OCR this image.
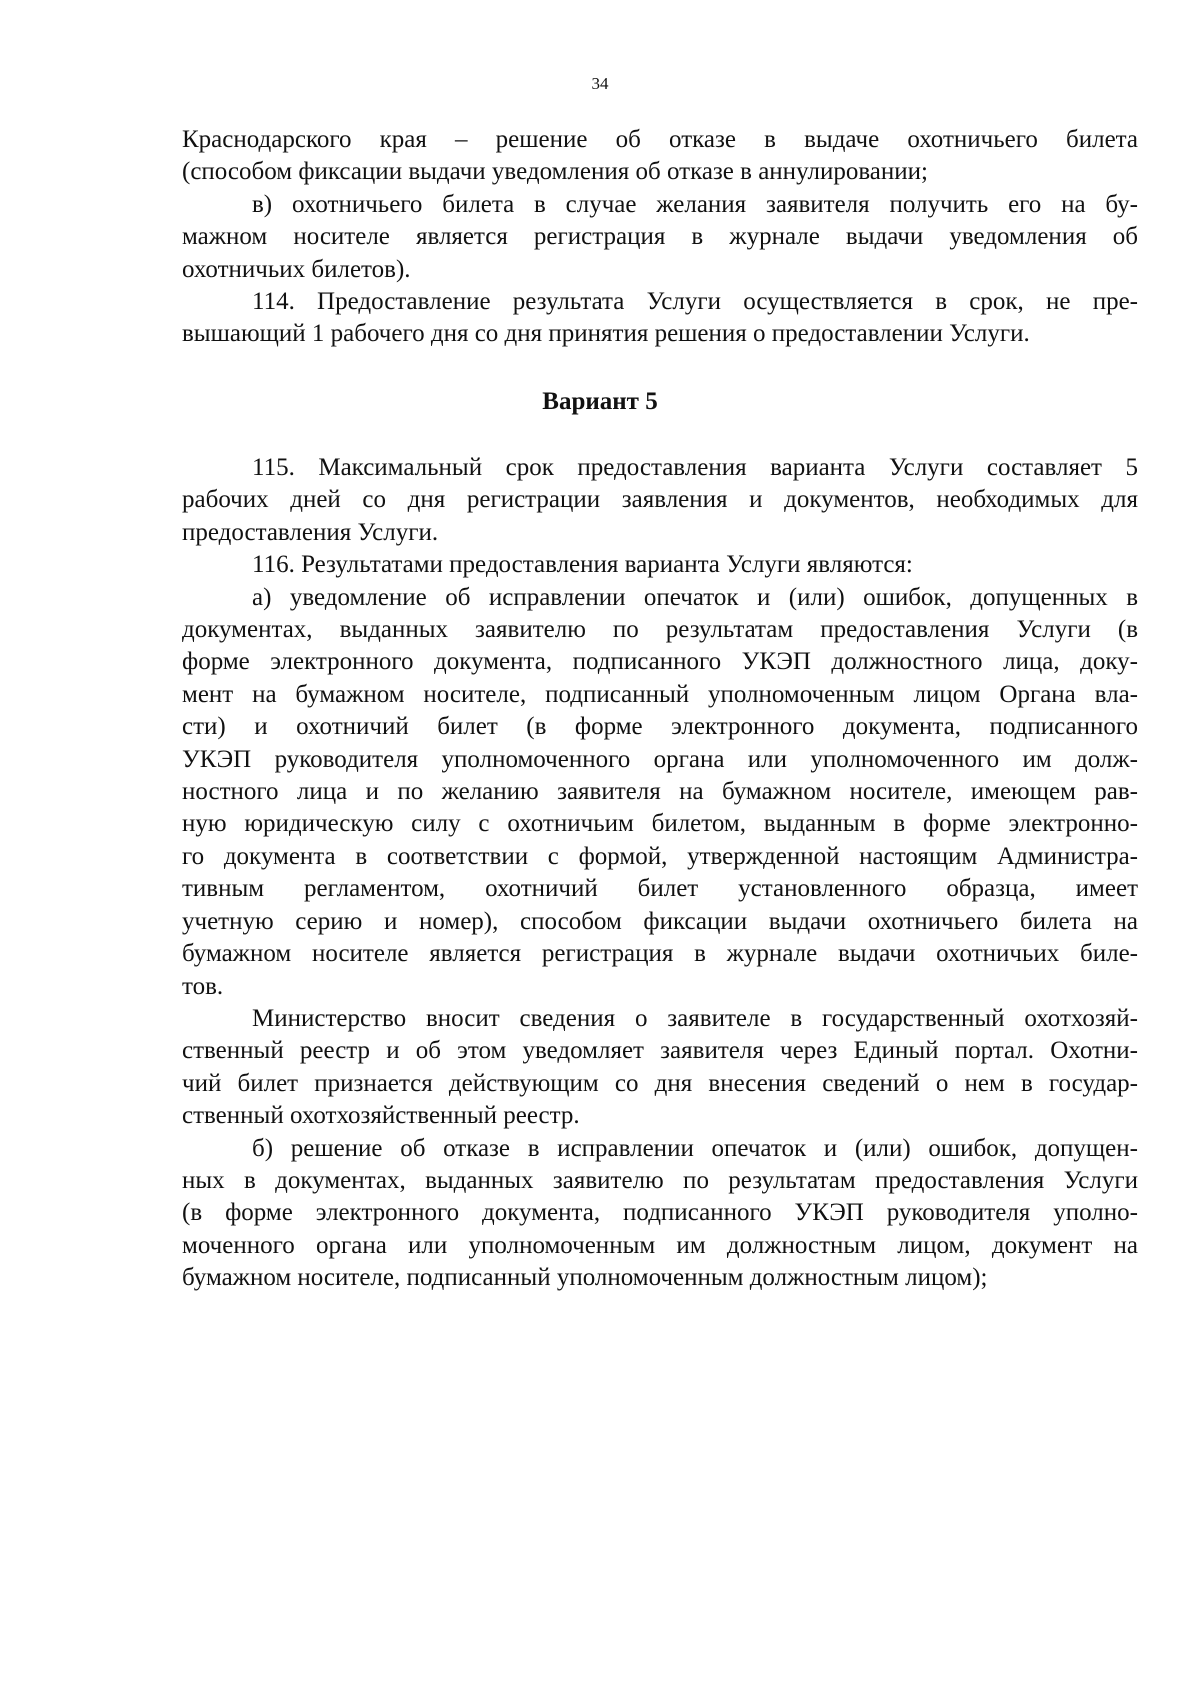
34

Краснодарского края – решение об отказе в выдаче охотничьего билета

(способом фиксации выдачи уведомления об отказе в аннулировании;

в) охотничьего билета в случае желания заявителя получить его на бу-

мажном носителе является регистрация в журнале выдачи уведомления об

охотничьих билетов).

114. Предоставление результата Услуги осуществляется в срок, не пре-

вышающий 1 рабочего дня со дня принятия решения о предоставлении Услуги.

Вариант 5

115. Максимальный срок предоставления варианта Услуги составляет 5

рабочих дней со дня регистрации заявления и документов, необходимых для

предоставления Услуги.

116. Результатами предоставления варианта Услуги являются:

а) уведомление об исправлении опечаток и (или) ошибок, допущенных в

документах, выданных заявителю по результатам предоставления Услуги (в

форме электронного документа, подписанного УКЭП должностного лица, доку-

мент на бумажном носителе, подписанный уполномоченным лицом Органа вла-

сти) и охотничий билет (в форме электронного документа, подписанного

УКЭП руководителя уполномоченного органа или уполномоченного им долж-

ностного лица и по желанию заявителя на бумажном носителе, имеющем рав-

ную юридическую силу с охотничьим билетом, выданным в форме электронно-

го документа в соответствии с формой, утвержденной настоящим Администра-

тивным регламентом, охотничий билет установленного образца, имеет

учетную серию и номер), способом фиксации выдачи охотничьего билета на

бумажном носителе является регистрация в журнале выдачи охотничьих биле-

тов.

Министерство вносит сведения о заявителе в государственный охотхозяй-

ственный реестр и об этом уведомляет заявителя через Единый портал. Охотни-

чий билет признается действующим со дня внесения сведений о нем в государ-

ственный охотхозяйственный реестр.

б) решение об отказе в исправлении опечаток и (или) ошибок, допущен-

ных в документах, выданных заявителю по результатам предоставления Услуги

(в форме электронного документа, подписанного УКЭП руководителя уполно-

моченного органа или уполномоченным им должностным лицом, документ на

бумажном носителе, подписанный уполномоченным должностным лицом);
